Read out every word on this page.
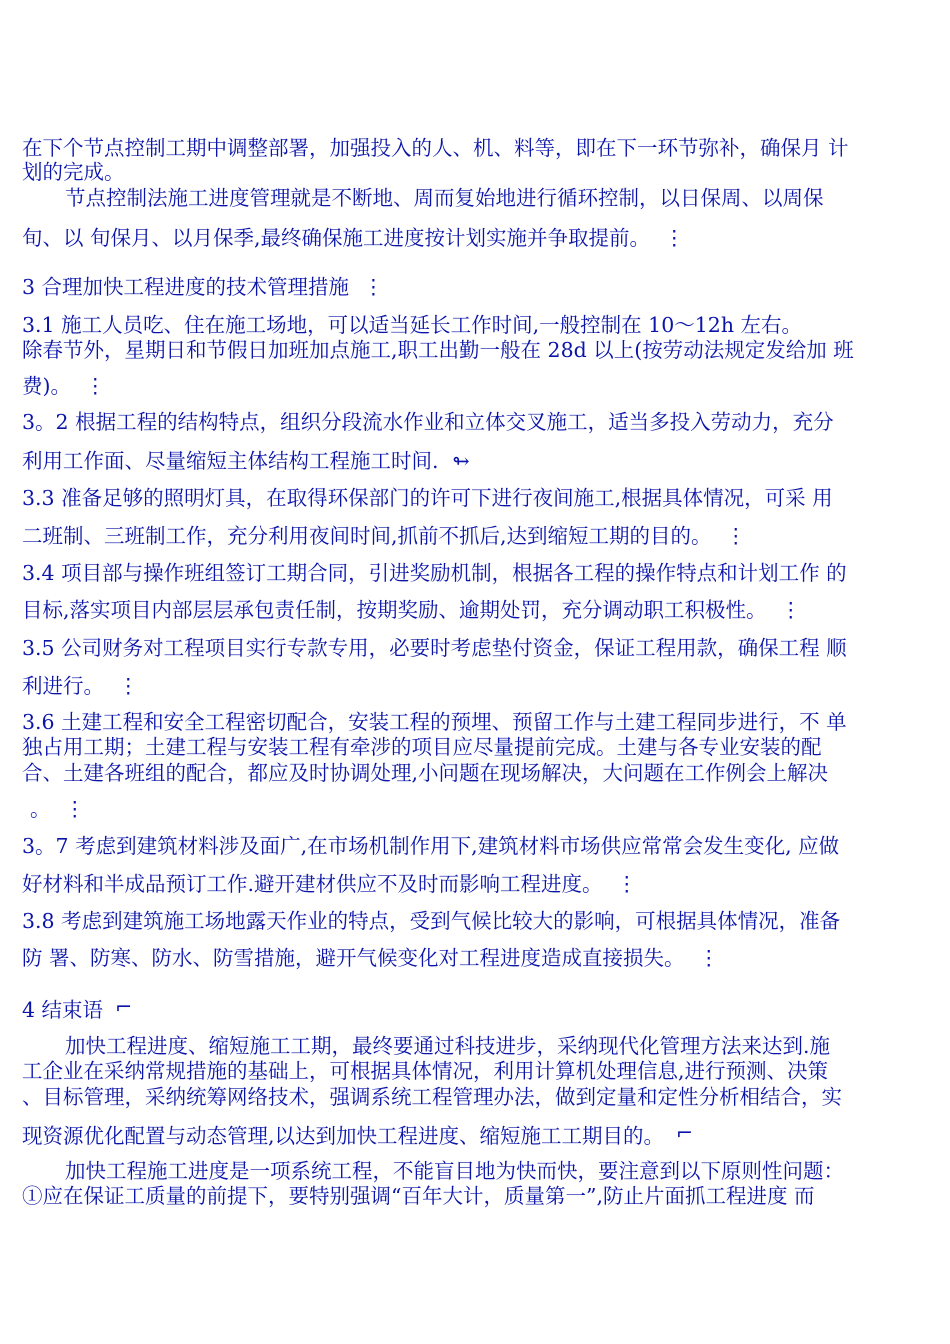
在下个节点控制工期中调整部署，加强投入的人、机、料等，即在下一环节弥补，确保月 计
划的完成。
节点控制法施工进度管理就是不断地、周而复始地进行循环控制，以日保周、以周保
旬、以 旬保月、以月保季,最终确保施工进度按计划实施并争取提前。 ⋮
3 合理加快工程进度的技术管理措施 ⋮
3.1 施工人员吃、住在施工场地，可以适当延长工作时间,一般控制在 10～12h 左右。
除春节外，星期日和节假日加班加点施工,职工出勤一般在 28d 以上(按劳动法规定发给加 班
费)。 ⋮
3。2 根据工程的结构特点，组织分段流水作业和立体交叉施工，适当多投入劳动力，充分
利用工作面、尽量缩短主体结构工程施工时间. ↬
3.3 准备足够的照明灯具，在取得环保部门的许可下进行夜间施工,根据具体情况，可采 用
二班制、三班制工作，充分利用夜间时间,抓前不抓后,达到缩短工期的目的。 ⋮
3.4 项目部与操作班组签订工期合同，引进奖励机制，根据各工程的操作特点和计划工作 的
目标,落实项目内部层层承包责任制，按期奖励、逾期处罚，充分调动职工积极性。 ⋮
3.5 公司财务对工程项目实行专款专用，必要时考虑垫付资金，保证工程用款，确保工程 顺
利进行。 ⋮
3.6 土建工程和安全工程密切配合，安装工程的预埋、预留工作与土建工程同步进行，不 单
独占用工期；土建工程与安装工程有牵涉的项目应尽量提前完成。土建与各专业安装的配
合、土建各班组的配合，都应及时协调处理,小问题在现场解决，大问题在工作例会上解决
。 ⋮
3。7 考虑到建筑材料涉及面广,在市场机制作用下,建筑材料市场供应常常会发生变化, 应做
好材料和半成品预订工作.避开建材供应不及时而影响工程进度。 ⋮
3.8 考虑到建筑施工场地露天作业的特点，受到气候比较大的影响，可根据具体情况，准备
防 署、防寒、防水、防雪措施，避开气候变化对工程进度造成直接损失。 ⋮
4 结束语 ⌐
加快工程进度、缩短施工工期，最终要通过科技进步，采纳现代化管理方法来达到.施
工企业在采纳常规措施的基础上，可根据具体情况，利用计算机处理信息,进行预测、决策
、目标管理，采纳统筹网络技术，强调系统工程管理办法，做到定量和定性分析相结合，实
现资源优化配置与动态管理,以达到加快工程进度、缩短施工工期目的。 ⌐
加快工程施工进度是一项系统工程，不能盲目地为快而快，要注意到以下原则性问题：
①应在保证工质量的前提下，要特别强调“百年大计，质量第一”,防止片面抓工程进度 而
